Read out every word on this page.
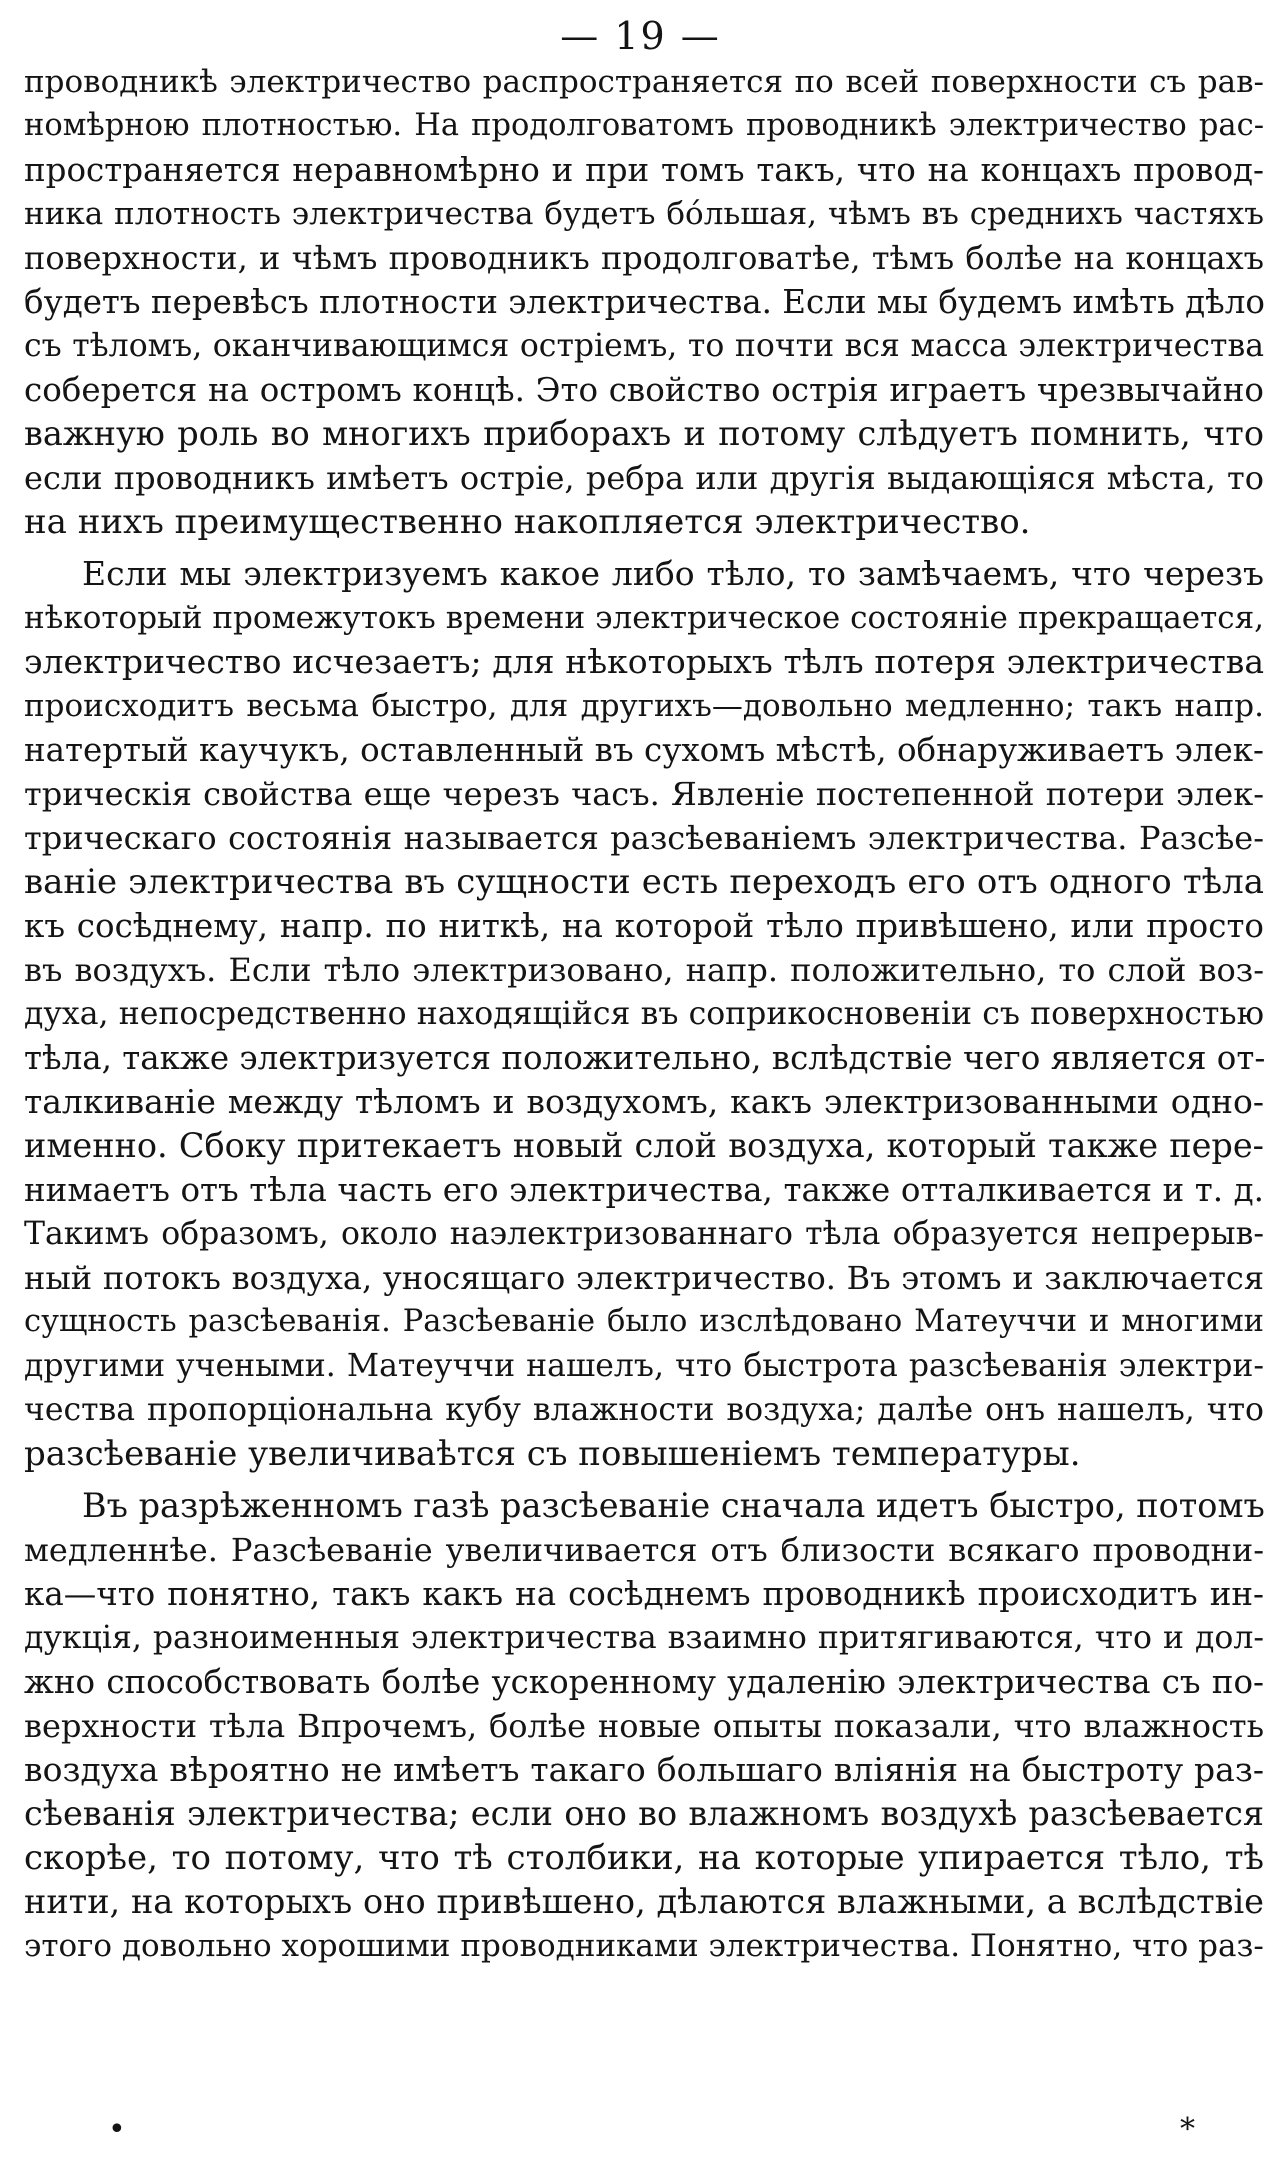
— 19 —

проводникѣ электричество распространяется по всей поверхности съ рав-
номѣрною плотностью. На продолговатомъ проводникѣ электричество рас-
пространяется неравномѣрно и при томъ такъ, что на концахъ провод-
ника плотность электричества будетъ бóльшая, чѣмъ въ среднихъ частяхъ
поверхности, и чѣмъ проводникъ продолговатѣе, тѣмъ болѣе на концахъ
будетъ перевѣсъ плотности электричества. Если мы будемъ имѣть дѣло
съ тѣломъ, оканчивающимся остріемъ, то почти вся масса электричества
соберется на остромъ концѣ. Это свойство острія играетъ чрезвычайно
важную роль во многихъ приборахъ и потому слѣдуетъ помнить, что
если проводникъ имѣетъ остріе, ребра или другія выдающіяся мѣста, то
на нихъ преимущественно накопляется электричество.

Если мы электризуемъ какое либо тѣло, то замѣчаемъ, что черезъ
нѣкоторый промежутокъ времени электрическое состояніе прекращается,
электричество исчезаетъ; для нѣкоторыхъ тѣлъ потеря электричества
происходитъ весьма быстро, для другихъ—довольно медленно; такъ напр.
натертый каучукъ, оставленный въ сухомъ мѣстѣ, обнаруживаетъ элек-
трическія свойства еще черезъ часъ. Явленіе постепенной потери элек-
трическаго состоянія называется разсѣеваніемъ электричества. Разсѣе-
ваніе электричества въ сущности есть переходъ его отъ одного тѣла
къ сосѣднему, напр. по ниткѣ, на которой тѣло привѣшено, или просто
въ воздухъ. Если тѣло электризовано, напр. положительно, то слой воз-
духа, непосредственно находящійся въ соприкосновеніи съ поверхностью
тѣла, также электризуется положительно, вслѣдствіе чего является от-
талкиваніе между тѣломъ и воздухомъ, какъ электризованными одно-
именно. Сбоку притекаетъ новый слой воздуха, который также пере-
нимаетъ отъ тѣла часть его электричества, также отталкивается и т. д.
Такимъ образомъ, около наэлектризованнаго тѣла образуется непрерыв-
ный потокъ воздуха, уносящаго электричество. Въ этомъ и заключается
сущность разсѣеванія. Разсѣеваніе было изслѣдовано Матеуччи и многими
другими учеными. Матеуччи нашелъ, что быстрота разсѣеванія электри-
чества пропорціональна кубу влажности воздуха; далѣе онъ нашелъ, что
разсѣеваніе увеличиваѣтся съ повышеніемъ температуры.

Въ разрѣженномъ газѣ разсѣеваніе сначала идетъ быстро, потомъ
медленнѣе. Разсѣеваніе увеличивается отъ близости всякаго проводни-
ка—что понятно, такъ какъ на сосѣднемъ проводникѣ происходитъ ин-
дукція, разноименныя электричества взаимно притягиваются, что и дол-
жно способствовать болѣе ускоренному удаленію электричества съ по-
верхности тѣла Впрочемъ, болѣе новые опыты показали, что влажность
воздуха вѣроятно не имѣетъ такаго большаго вліянія на быстроту раз-
сѣеванія электричества; если оно во влажномъ воздухѣ разсѣевается
скорѣе, то потому, что тѣ столбики, на которые упирается тѣло, тѣ
нити, на которыхъ оно привѣшено, дѣлаются влажными, а вслѣдствіе
этого довольно хорошими проводниками электричества. Понятно, что раз-

•	*
